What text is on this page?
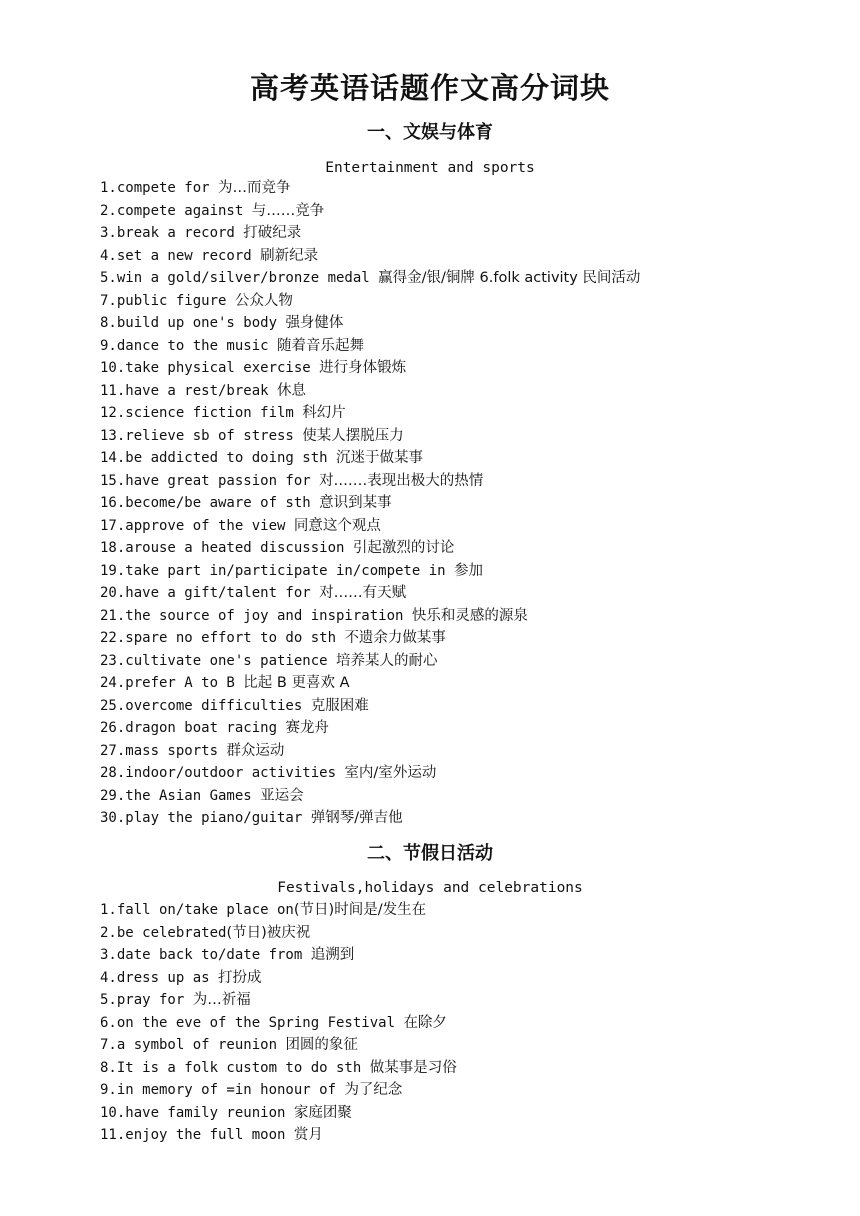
高考英语话题作文高分词块
一、文娱与体育
Entertainment and sports
1.compete for 为…而竞争
2.compete against 与……竞争
3.break a record 打破纪录
4.set a new record 刷新纪录
5.win a gold/silver/bronze medal 赢得金/银/铜牌 6.folk activity 民间活动
7.public figure 公众人物
8.build up one's body 强身健体
9.dance to the music 随着音乐起舞
10.take physical exercise 进行身体锻炼
11.have a rest/break 休息
12.science fiction film 科幻片
13.relieve sb of stress 使某人摆脱压力
14.be addicted to doing sth 沉迷于做某事
15.have great passion for 对.……表现出极大的热情
16.become/be aware of sth 意识到某事
17.approve of the view 同意这个观点
18.arouse a heated discussion 引起激烈的讨论
19.take part in/participate in/compete in 参加
20.have a gift/talent for 对……有天赋
21.the source of joy and inspiration 快乐和灵感的源泉
22.spare no effort to do sth 不遗余力做某事
23.cultivate one's patience 培养某人的耐心
24.prefer A to B 比起 B 更喜欢 A
25.overcome difficulties 克服困难
26.dragon boat racing 赛龙舟
27.mass sports 群众运动
28.indoor/outdoor activities 室内/室外运动
29.the Asian Games 亚运会
30.play the piano/guitar 弹钢琴/弹吉他
二、节假日活动
Festivals,holidays and celebrations
1.fall on/take place on(节日)时间是/发生在
2.be celebrated(节日)被庆祝
3.date back to/date from 追溯到
4.dress up as 打扮成
5.pray for 为…祈福
6.on the eve of the Spring Festival 在除夕
7.a symbol of reunion 团圆的象征
8.It is a folk custom to do sth 做某事是习俗
9.in memory of =in honour of 为了纪念
10.have family reunion 家庭团聚
11.enjoy the full moon 赏月
